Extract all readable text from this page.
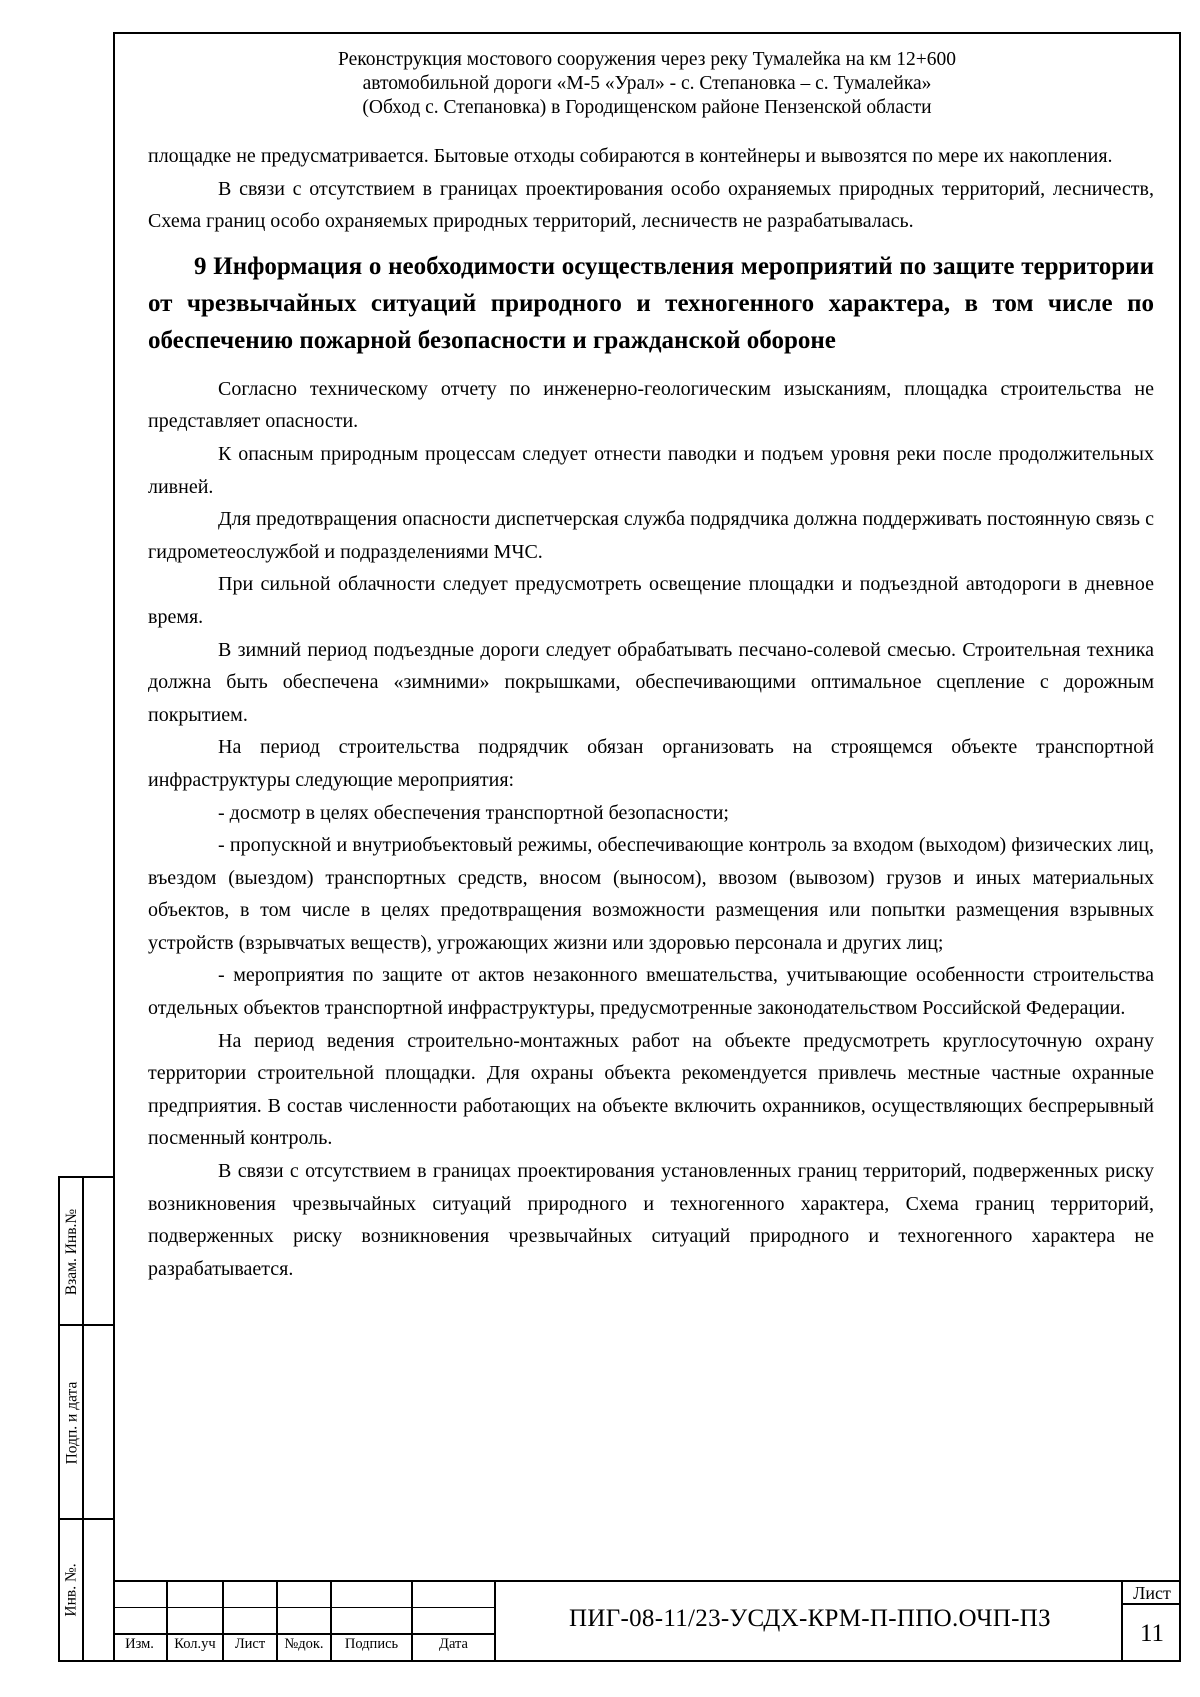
Реконструкция мостового сооружения через реку Тумалейка на км 12+600
автомобильной дороги «М-5 «Урал» - с. Степановка – с. Тумалейка»
(Обход с. Степановка) в Городищенском районе Пензенской области

площадке не предусматривается. Бытовые отходы собираются в контейнеры и вывозятся по мере их накопления.

В связи с отсутствием в границах проектирования особо охраняемых природных территорий, лесничеств, Схема границ особо охраняемых природных территорий, лесничеств не разрабатывалась.

9 Информация о необходимости осуществления мероприятий по защите территории от чрезвычайных ситуаций природного и техногенного характера, в том числе по обеспечению пожарной безопасности и гражданской обороне

Согласно техническому отчету по инженерно-геологическим изысканиям, площадка строительства не представляет опасности.

К опасным природным процессам следует отнести паводки и подъем уровня реки после продолжительных ливней.

Для предотвращения опасности диспетчерская служба подрядчика должна поддерживать постоянную связь с гидрометеослужбой и подразделениями МЧС.

При сильной облачности следует предусмотреть освещение площадки и подъездной автодороги в дневное время.

В зимний период подъездные дороги следует обрабатывать песчано-солевой смесью. Строительная техника должна быть обеспечена «зимними» покрышками, обеспечивающими оптимальное сцепление с дорожным покрытием.

На период строительства подрядчик обязан организовать на строящемся объекте транспортной инфраструктуры следующие мероприятия:

- досмотр в целях обеспечения транспортной безопасности;

- пропускной и внутриобъектовый режимы, обеспечивающие контроль за входом (выходом) физических лиц, въездом (выездом) транспортных средств, вносом (выносом), ввозом (вывозом) грузов и иных материальных объектов, в том числе в целях предотвращения возможности размещения или попытки размещения взрывных устройств (взрывчатых веществ), угрожающих жизни или здоровью персонала и других лиц;

- мероприятия по защите от актов незаконного вмешательства, учитывающие особенности строительства отдельных объектов транспортной инфраструктуры, предусмотренные законодательством Российской Федерации.

На период ведения строительно-монтажных работ на объекте предусмотреть круглосуточную охрану территории строительной площадки. Для охраны объекта рекомендуется привлечь местные частные охранные предприятия. В состав численности работающих на объекте включить охранников, осуществляющих беспрерывный посменный контроль.

В связи с отсутствием в границах проектирования установленных границ территорий, подверженных риску возникновения чрезвычайных ситуаций природного и техногенного характера, Схема границ территорий, подверженных риску возникновения чрезвычайных ситуаций природного и техногенного характера не разрабатывается.

Взам. Инв.№
Подп. и дата
Инв. №.
Изм.	Кол.уч	Лист	№док.	Подпись	Дата
ПИГ-08-11/23-УСДХ-КРМ-П-ППО.ОЧП-ПЗ
Лист
11
